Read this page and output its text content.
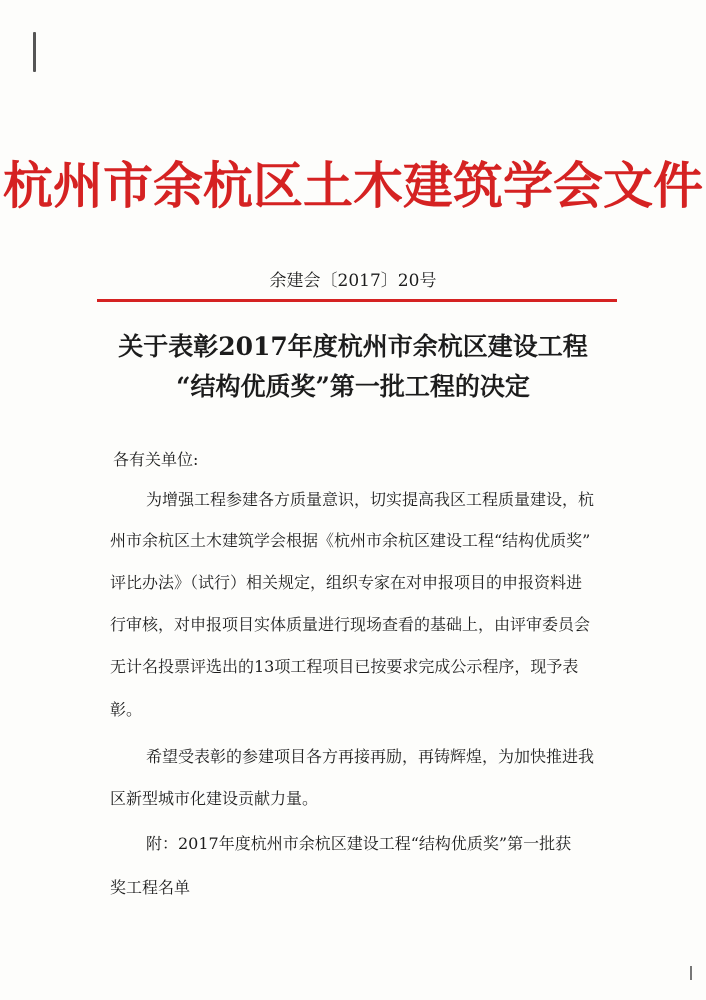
杭州市余杭区土木建筑学会文件
余建会〔2017〕20号
关于表彰2017年度杭州市余杭区建设工程
“结构优质奖”第一批工程的决定
各有关单位:
为增强工程参建各方质量意识，切实提高我区工程质量建设，杭
州市余杭区土木建筑学会根据《杭州市余杭区建设工程“结构优质奖”
评比办法》（试行）相关规定，组织专家在对申报项目的申报资料进
行审核，对申报项目实体质量进行现场查看的基础上，由评审委员会
无计名投票评选出的13项工程项目已按要求完成公示程序，现予表
彰。
希望受表彰的参建项目各方再接再励，再铸辉煌，为加快推进我
区新型城市化建设贡献力量。
附：2017年度杭州市余杭区建设工程“结构优质奖”第一批获
奖工程名单
